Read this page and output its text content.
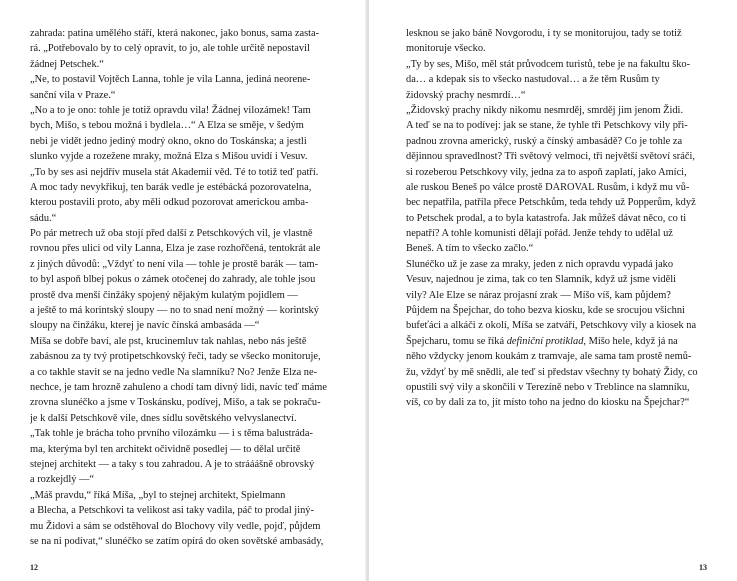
zahrada: patina umělého stáří, která nakonec, jako bonus, sama zasta-
rá. „Potřebovalo by to celý opravit, to jo, ale tohle určitě nepostavil
žádnej Petschek.“
„Ne, to postavil Vojtěch Lanna, tohle je vila Lanna, jediná neorene-
sanční vila v Praze.“
„No a to je ono: tohle je totiž opravdu vila! Žádnej vilozámek! Tam
bych, Mišo, s tebou možná i bydlela…“ A Elza se směje, v šedým
nebi je vidět jedno jediný modrý okno, okno do Toskánska; a jestli
slunko vyjde a rozežene mraky, možná Elza s Mišou uvidí i Vesuv.
„To by ses asi nejdřív musela stát Akademií věd. Té to totiž teď patří.
A moc tady nevykřikuj, ten barák vedle je estébácká pozorovatelna,
kterou postavili proto, aby měli odkud pozorovat americkou amba-
sádu.“
Po pár metrech už oba stojí před další z Petschkových vil, je vlastně
rovnou přes ulici od vily Lanna, Elza je zase rozhořčená, tentokrát ale
z jiných důvodů: „Vždyť to není vila — tohle je prostě barák — tam-
to byl aspoň blbej pokus o zámek otočenej do zahrady, ale tohle jsou
prostě dva menší činžáky spojený nějakým kulatým pojidlem —
a ještě to má korintský sloupy — no to snad není možný — korintský
sloupy na činžáku, kterej je navíc čínská ambasáda —“
Míša se dobře baví, ale pst, krucinemluv tak nahlas, nebo nás ještě
zabásnou za ty tvý protipetschkovský řeči, tady se všecko monitoruje,
a co takhle stavit se na jedno vedle Na slamníku? No? Jenže Elza ne-
nechce, je tam hrozně zahuleno a chodí tam divný lidi, navíc teď máme
zrovna slunéčko a jsme v Toskánsku, podívej, Mišo, a tak se pokraču-
je k další Petschkově vile, dnes sídlu sovětského velvyslanectví.
„Tak tohle je brácha toho prvního vilozámku — i s těma balustráda-
ma, kterýma byl ten architekt očividně posedlej — to dělal určitě
stejnej architekt — a taky s tou zahradou. A je to strááášně obrovský
a rozkejdlý —“
„Máš pravdu,“ říká Míša, „byl to stejnej architekt, Spielmann
a Blecha, a Petschkovi ta velikost asi taky vadila, páč to prodal jiný-
mu Židovi a sám se odstěhoval do Blochovy vily vedle, pojď, půjdem
se na ni podívat,“ slunéčko se zatím opírá do oken sovětské ambasády,
12
lesknou se jako báně Novgorodu, i ty se monitorujou, tady se totiž
monitoruje všecko.
„Ty by ses, Mišo, měl stát průvodcem turistů, tebe je na fakultu ško-
da… a kdepak sis to všecko nastudoval… a že těm Rusům ty
židovský prachy nesmrdí…“
„Židovský prachy nikdy nikomu nesmrděj, smrděj jim jenom Židi.
A teď se na to podívej: jak se stane, že tyhle tři Petschkovy vily při-
padnou zrovna americký, ruský a čínský ambasádě? Co je tohle za
dějinnou spravedlnost? Tři světový velmoci, tři největší světoví sráči,
si rozeberou Petschkovy vily, jedna za to aspoň zaplatí, jako Amíci,
ale ruskou Beneš po válce prostě DAROVAL Rusům, i když mu vů-
bec nepatřila, patřila přece Petschkům, teda tehdy už Popperům, když
to Petschek prodal, a to byla katastrofa. Jak můžeš dávat něco, co ti
nepatří? A tohle komunisti dělají pořád. Jenže tehdy to udělal už
Beneš. A tím to všecko začlo.“
Slunéčko už je zase za mraky, jeden z nich opravdu vypadá jako
Vesuv, najednou je zima, tak co ten Slamník, když už jsme viděli
vily? Ale Elze se náraz projasní zrak — Míšo víš, kam půjdem?
Půjdem na Špejchar, do toho bezva kiosku, kde se srocujou všichni
bufeťáci a alkáči z okolí, Míša se zatváří, Petschkovy vily a kiosek na
Špejcharu, tomu se říká definiční protiklad, Míšo hele, když já na
něho vždycky jenom koukám z tramvaje, ale sama tam prostě nemů-
žu, vždyť by mě snědli, ale teď si představ všechny ty bohatý Židy, co
opustili svý vily a skončili v Terezíně nebo v Treblince na slamníku,
víš, co by dali za to, jít místo toho na jedno do kiosku na Špejchar?“
13
